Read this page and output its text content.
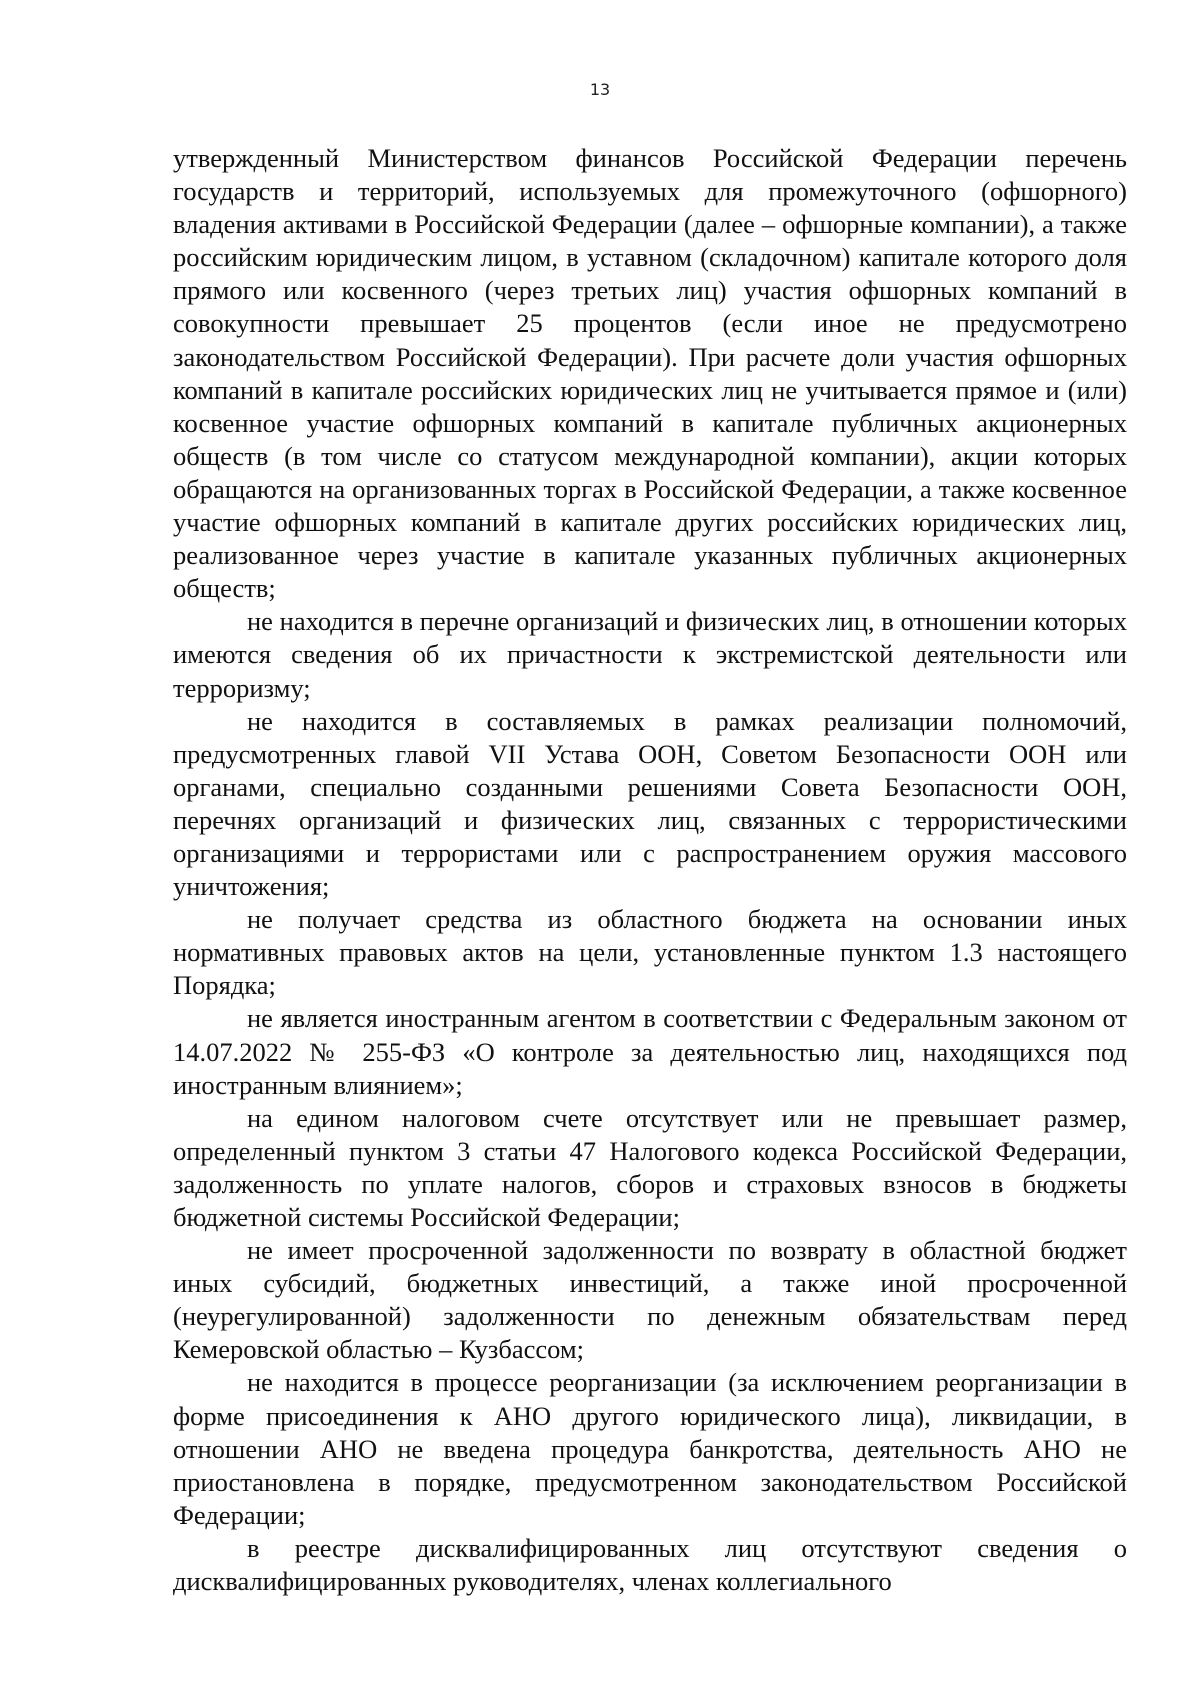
13

утвержденный Министерством финансов Российской Федерации перечень государств и территорий, используемых для промежуточного (офшорного) владения активами в Российской Федерации (далее – офшорные компании), а также российским юридическим лицом, в уставном (складочном) капитале которого доля прямого или косвенного (через третьих лиц) участия офшорных компаний в совокупности превышает 25 процентов (если иное не предусмотрено законодательством Российской Федерации). При расчете доли участия офшорных компаний в капитале российских юридических лиц не учитывается прямое и (или) косвенное участие офшорных компаний в капитале публичных акционерных обществ (в том числе со статусом международной компании), акции которых обращаются на организованных торгах в Российской Федерации, а также косвенное участие офшорных компаний в капитале других российских юридических лиц, реализованное через участие в капитале указанных публичных акционерных обществ;

не находится в перечне организаций и физических лиц, в отношении которых имеются сведения об их причастности к экстремистской деятельности или терроризму;

не находится в составляемых в рамках реализации полномочий, предусмотренных главой VII Устава ООН, Советом Безопасности ООН или органами, специально созданными решениями Совета Безопасности ООН, перечнях организаций и физических лиц, связанных с террористическими организациями и террористами или с распространением оружия массового уничтожения;

не получает средства из областного бюджета на основании иных нормативных правовых актов на цели, установленные пунктом 1.3 настоящего Порядка;

не является иностранным агентом в соответствии с Федеральным законом от 14.07.2022 № 255-ФЗ «О контроле за деятельностью лиц, находящихся под иностранным влиянием»;

на едином налоговом счете отсутствует или не превышает размер, определенный пунктом 3 статьи 47 Налогового кодекса Российской Федерации, задолженность по уплате налогов, сборов и страховых взносов в бюджеты бюджетной системы Российской Федерации;

не имеет просроченной задолженности по возврату в областной бюджет иных субсидий, бюджетных инвестиций, а также иной просроченной (неурегулированной) задолженности по денежным обязательствам перед Кемеровской областью – Кузбассом;

не находится в процессе реорганизации (за исключением реорганизации в форме присоединения к АНО другого юридического лица), ликвидации, в отношении АНО не введена процедура банкротства, деятельность АНО не приостановлена в порядке, предусмотренном законодательством Российской Федерации;

в реестре дисквалифицированных лиц отсутствуют сведения о дисквалифицированных руководителях, членах коллегиального
